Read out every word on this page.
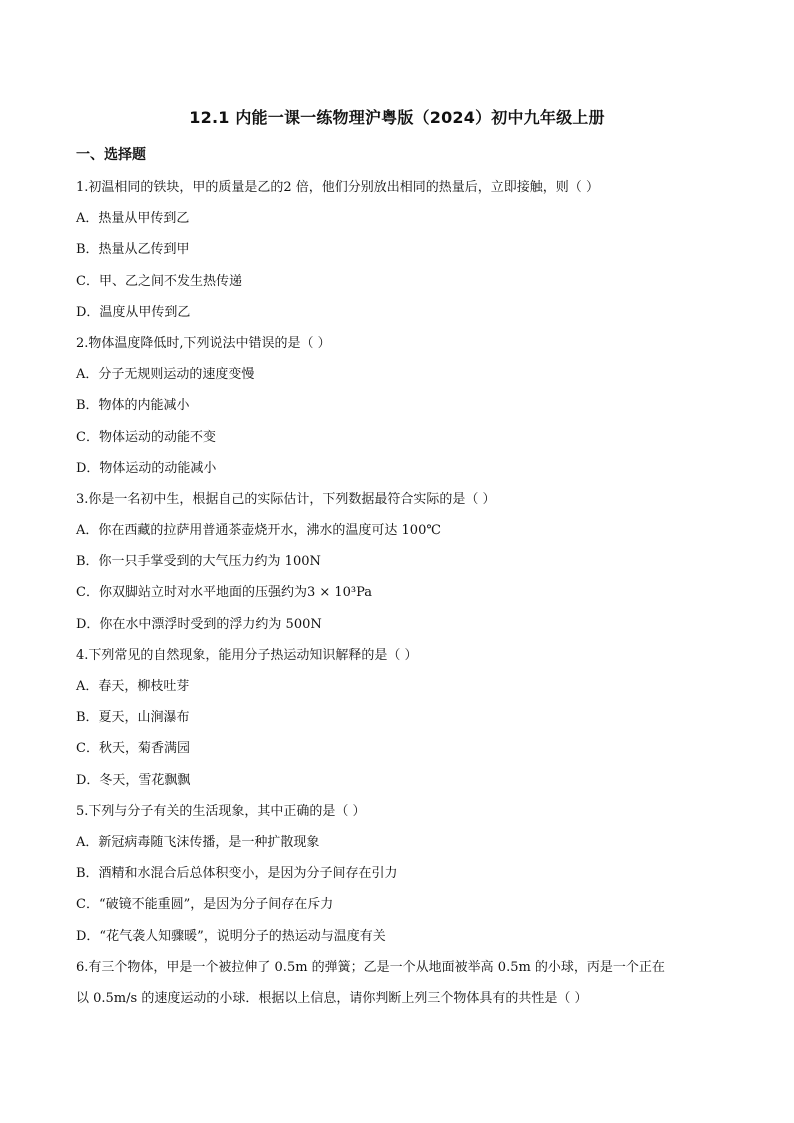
12.1 内能一课一练物理沪粤版（2024）初中九年级上册
一、选择题
1.初温相同的铁块，甲的质量是乙的2 倍，他们分别放出相同的热量后，立即接触，则（ ）
A．热量从甲传到乙
B．热量从乙传到甲
C．甲、乙之间不发生热传递
D．温度从甲传到乙
2.物体温度降低时,下列说法中错误的是（ ）
A．分子无规则运动的速度变慢
B．物体的内能减小
C．物体运动的动能不变
D．物体运动的动能减小
3.你是一名初中生，根据自己的实际估计，下列数据最符合实际的是（ ）
A．你在西藏的拉萨用普通茶壶烧开水，沸水的温度可达 100℃
B．你一只手掌受到的大气压力约为 100N
C．你双脚站立时对水平地面的压强约为3 × 10³Pa
D．你在水中漂浮时受到的浮力约为 500N
4.下列常见的自然现象，能用分子热运动知识解释的是（ ）
A．春天，柳枝吐芽
B．夏天，山涧瀑布
C．秋天，菊香满园
D．冬天，雪花飘飘
5.下列与分子有关的生活现象，其中正确的是（ ）
A．新冠病毒随飞沫传播，是一种扩散现象
B．酒精和水混合后总体积变小，是因为分子间存在引力
C．“破镜不能重圆”，是因为分子间存在斥力
D．“花气袭人知骤暖”，说明分子的热运动与温度有关
6.有三个物体，甲是一个被拉伸了 0.5m 的弹簧；乙是一个从地面被举高 0.5m 的小球，丙是一个正在
以 0.5m/s 的速度运动的小球．根据以上信息，请你判断上列三个物体具有的共性是（ ）
